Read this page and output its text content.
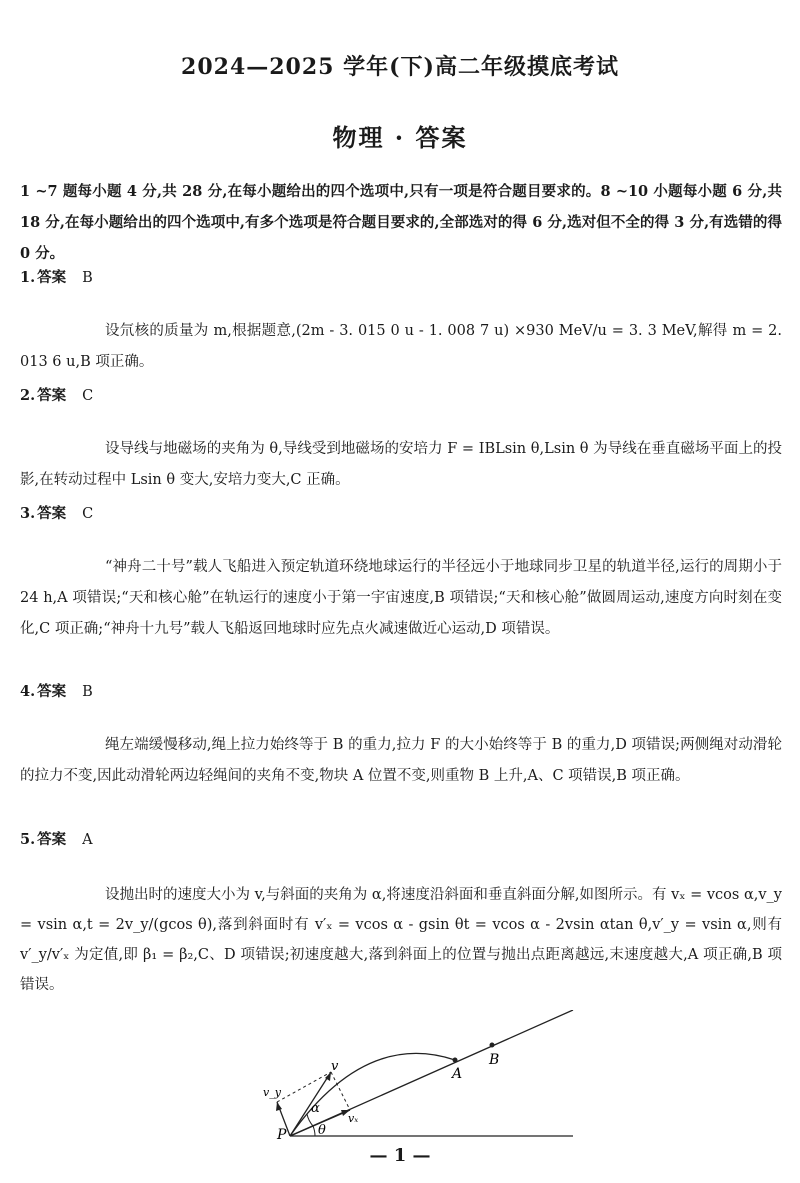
2024—2025 学年(下)高二年级摸底考试
物理 · 答案
1 ~7 题每小题 4 分,共 28 分,在每小题给出的四个选项中,只有一项是符合题目要求的。8 ~10 小题每小题 6 分,共 18 分,在每小题给出的四个选项中,有多个选项是符合题目要求的,全部选对的得 6 分,选对但不全的得 3 分,有选错的得 0 分。
1. 答案 B
设氘核的质量为 m,根据题意,(2m - 3. 015 0 u - 1. 008 7 u) ×930 MeV/u = 3. 3 MeV,解得 m = 2. 013 6 u,B 项正确。
2. 答案 C
设导线与地磁场的夹角为 θ,导线受到地磁场的安培力 F = IBLsin θ,Lsin θ 为导线在垂直磁场平面上的投影,在转动过程中 Lsin θ 变大,安培力变大,C 正确。
3. 答案 C
“神舟二十号”载人飞船进入预定轨道环绕地球运行的半径远小于地球同步卫星的轨道半径,运行的周期小于 24 h,A 项错误;“天和核心舱”在轨运行的速度小于第一宇宙速度,B 项错误;“天和核心舱”做圆周运动,速度方向时刻在变化,C 项正确;“神舟十九号”载人飞船返回地球时应先点火减速做近心运动,D 项错误。
4. 答案 B
绳左端缓慢移动,绳上拉力始终等于 B 的重力,拉力 F 的大小始终等于 B 的重力,D 项错误;两侧绳对动滑轮的拉力不变,因此动滑轮两边轻绳间的夹角不变,物块 A 位置不变,则重物 B 上升,A、C 项错误,B 项正确。
5. 答案 A
设抛出时的速度大小为 v,与斜面的夹角为 α,将速度沿斜面和垂直斜面分解,如图所示。有 vₓ = vcos α,v_y = vsin α,t = 2v_y/(gcos θ),落到斜面时有 v′ₓ = vcos α - gsin θt = vcos α - 2vsin αtan θ,v′_y = vsin α,则有 v′_y/v′ₓ 为定值,即 β₁ = β₂,C、D 项错误;初速度越大,落到斜面上的位置与抛出点距离越远,末速度越大,A 项正确,B 项错误。
P
A
B
v
vₓ
v_y
α
θ
— 1 —
